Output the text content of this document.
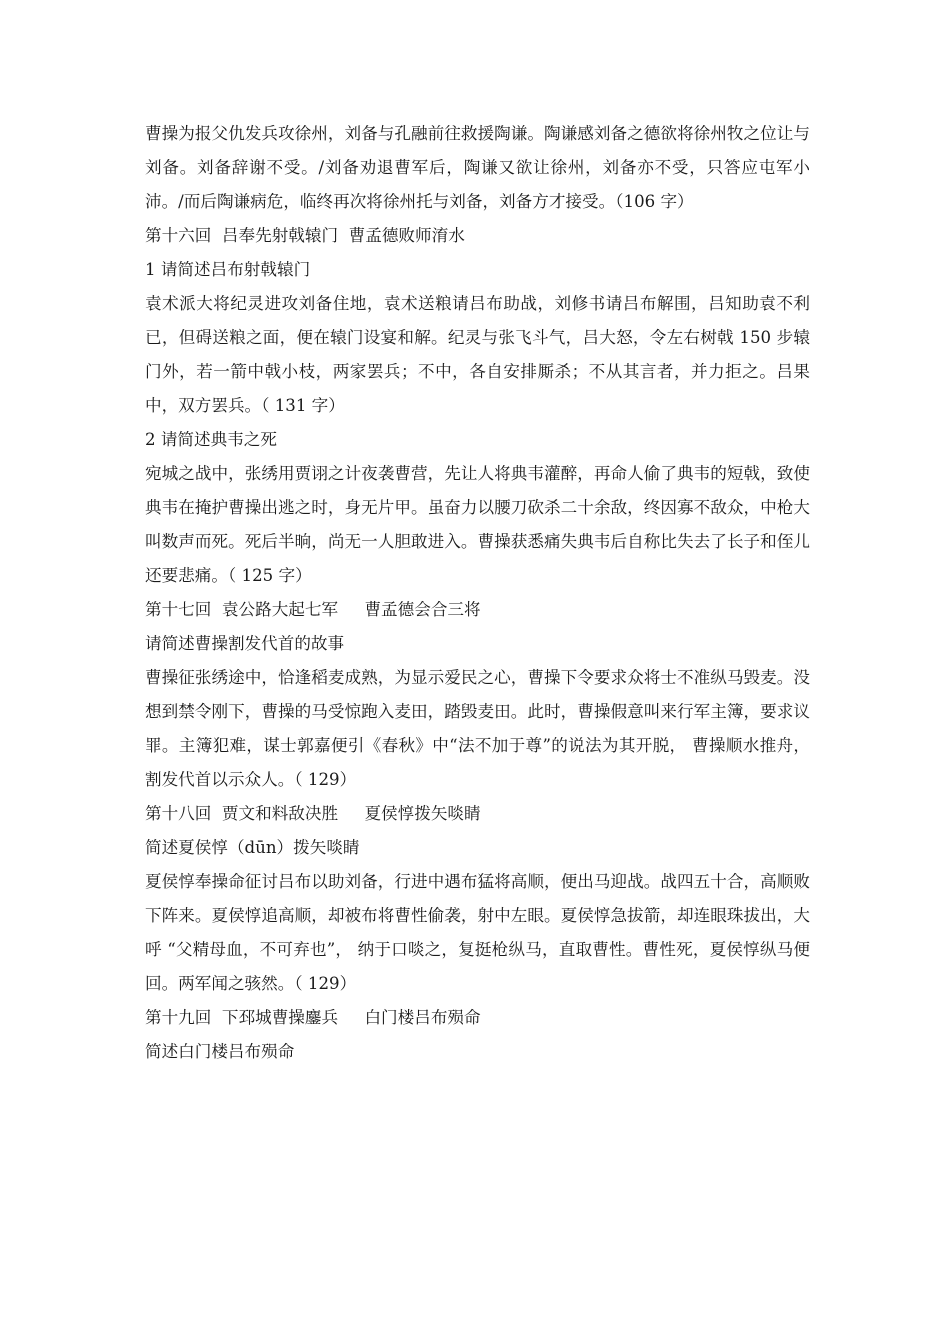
曹操为报父仇发兵攻徐州，刘备与孔融前往救援陶谦。陶谦感刘备之德欲将徐州牧之位让与刘备。刘备辞谢不受。/刘备劝退曹军后，陶谦又欲让徐州，刘备亦不受，只答应屯军小沛。/而后陶谦病危，临终再次将徐州托与刘备，刘备方才接受。（106 字）

第十六回  吕奉先射戟辕门  曹孟德败师淯水

1 请简述吕布射戟辕门

袁术派大将纪灵进攻刘备住地，袁术送粮请吕布助战，刘修书请吕布解围，吕知助袁不利已，但碍送粮之面，便在辕门设宴和解。纪灵与张飞斗气，吕大怒，令左右树戟 150 步辕门外，若一箭中戟小枝，两家罢兵；不中，各自安排厮杀；不从其言者，并力拒之。吕果中，双方罢兵。（ 131 字）

2 请简述典韦之死

宛城之战中，张绣用贾诩之计夜袭曹营，先让人将典韦灌醉，再命人偷了典韦的短戟，致使典韦在掩护曹操出逃之时，身无片甲。虽奋力以腰刀砍杀二十余敌，终因寡不敌众，中枪大叫数声而死。死后半晌，尚无一人胆敢进入。曹操获悉痛失典韦后自称比失去了长子和侄儿还要悲痛。（ 125 字）

第十七回  袁公路大起七军     曹孟德会合三将

请简述曹操割发代首的故事

曹操征张绣途中，恰逢稻麦成熟，为显示爱民之心，曹操下令要求众将士不准纵马毁麦。没想到禁令刚下，曹操的马受惊跑入麦田，踏毁麦田。此时，曹操假意叫来行军主簿，要求议罪。主簿犯难，谋士郭嘉便引《春秋》中“法不加于尊”的说法为其开脱， 曹操顺水推舟，割发代首以示众人。（ 129）

第十八回  贾文和料敌决胜     夏侯惇拨矢啖睛

简述夏侯惇（dūn）拨矢啖睛

夏侯惇奉操命征讨吕布以助刘备，行进中遇布猛将高顺，便出马迎战。战四五十合，高顺败下阵来。夏侯惇追高顺，却被布将曹性偷袭，射中左眼。夏侯惇急拔箭，却连眼珠拔出，大呼 “父精母血，不可弃也”， 纳于口啖之，复挺枪纵马，直取曹性。曹性死，夏侯惇纵马便回。两军闻之骇然。（ 129）

第十九回  下邳城曹操鏖兵     白门楼吕布殒命

简述白门楼吕布殒命
